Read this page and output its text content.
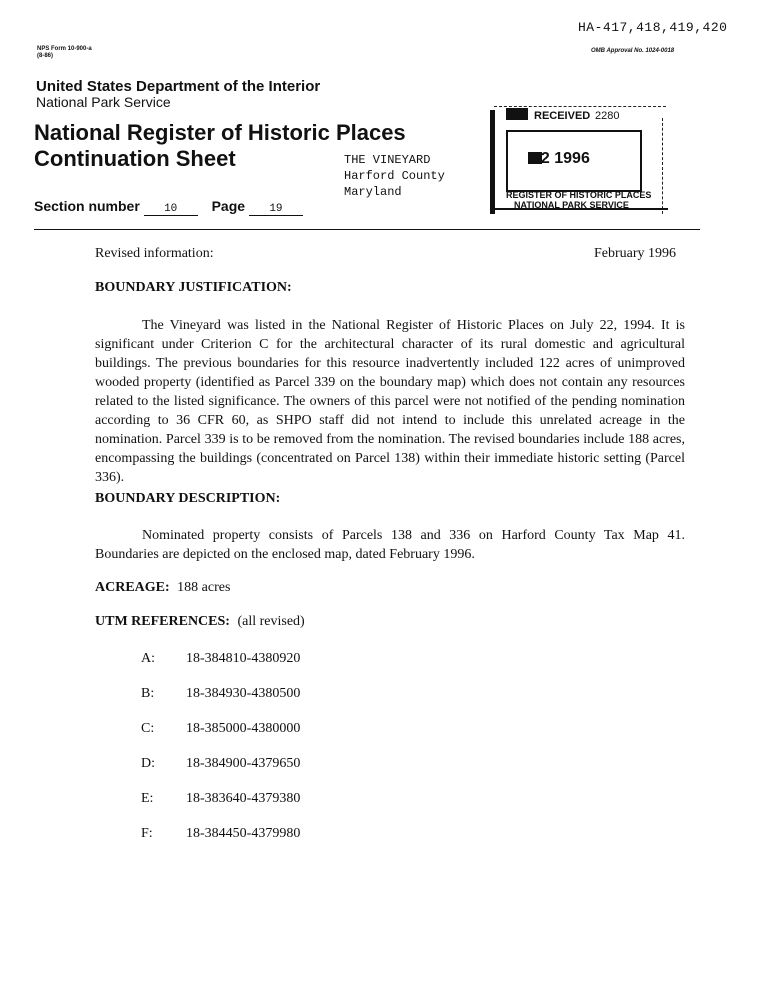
HA-417,418,419,420
NPS Form 10-900-a
(8-86)
OMB Approval No. 1024-0018
United States Department of the Interior
National Park Service
National Register of Historic Places
Continuation Sheet	THE VINEYARD
Harford County
Maryland
Section number 10 Page 19
RECEIVED 2280
12 1996
REGISTER OF HISTORIC PLACES
NATIONAL PARK SERVICE
Revised information:	February 1996
BOUNDARY JUSTIFICATION:
The Vineyard was listed in the National Register of Historic Places on July 22, 1994. It is significant under Criterion C for the architectural character of its rural domestic and agricultural buildings. The previous boundaries for this resource inadvertently included 122 acres of unimproved wooded property (identified as Parcel 339 on the boundary map) which does not contain any resources related to the listed significance. The owners of this parcel were not notified of the pending nomination according to 36 CFR 60, as SHPO staff did not intend to include this unrelated acreage in the nomination. Parcel 339 is to be removed from the nomination. The revised boundaries include 188 acres, encompassing the buildings (concentrated on Parcel 138) within their immediate historic setting (Parcel 336).
BOUNDARY DESCRIPTION:
Nominated property consists of Parcels 138 and 336 on Harford County Tax Map 41. Boundaries are depicted on the enclosed map, dated February 1996.
ACREAGE: 188 acres
UTM REFERENCES: (all revised)
A:	18-384810-4380920
B:	18-384930-4380500
C:	18-385000-4380000
D:	18-384900-4379650
E:	18-383640-4379380
F:	18-384450-4379980
